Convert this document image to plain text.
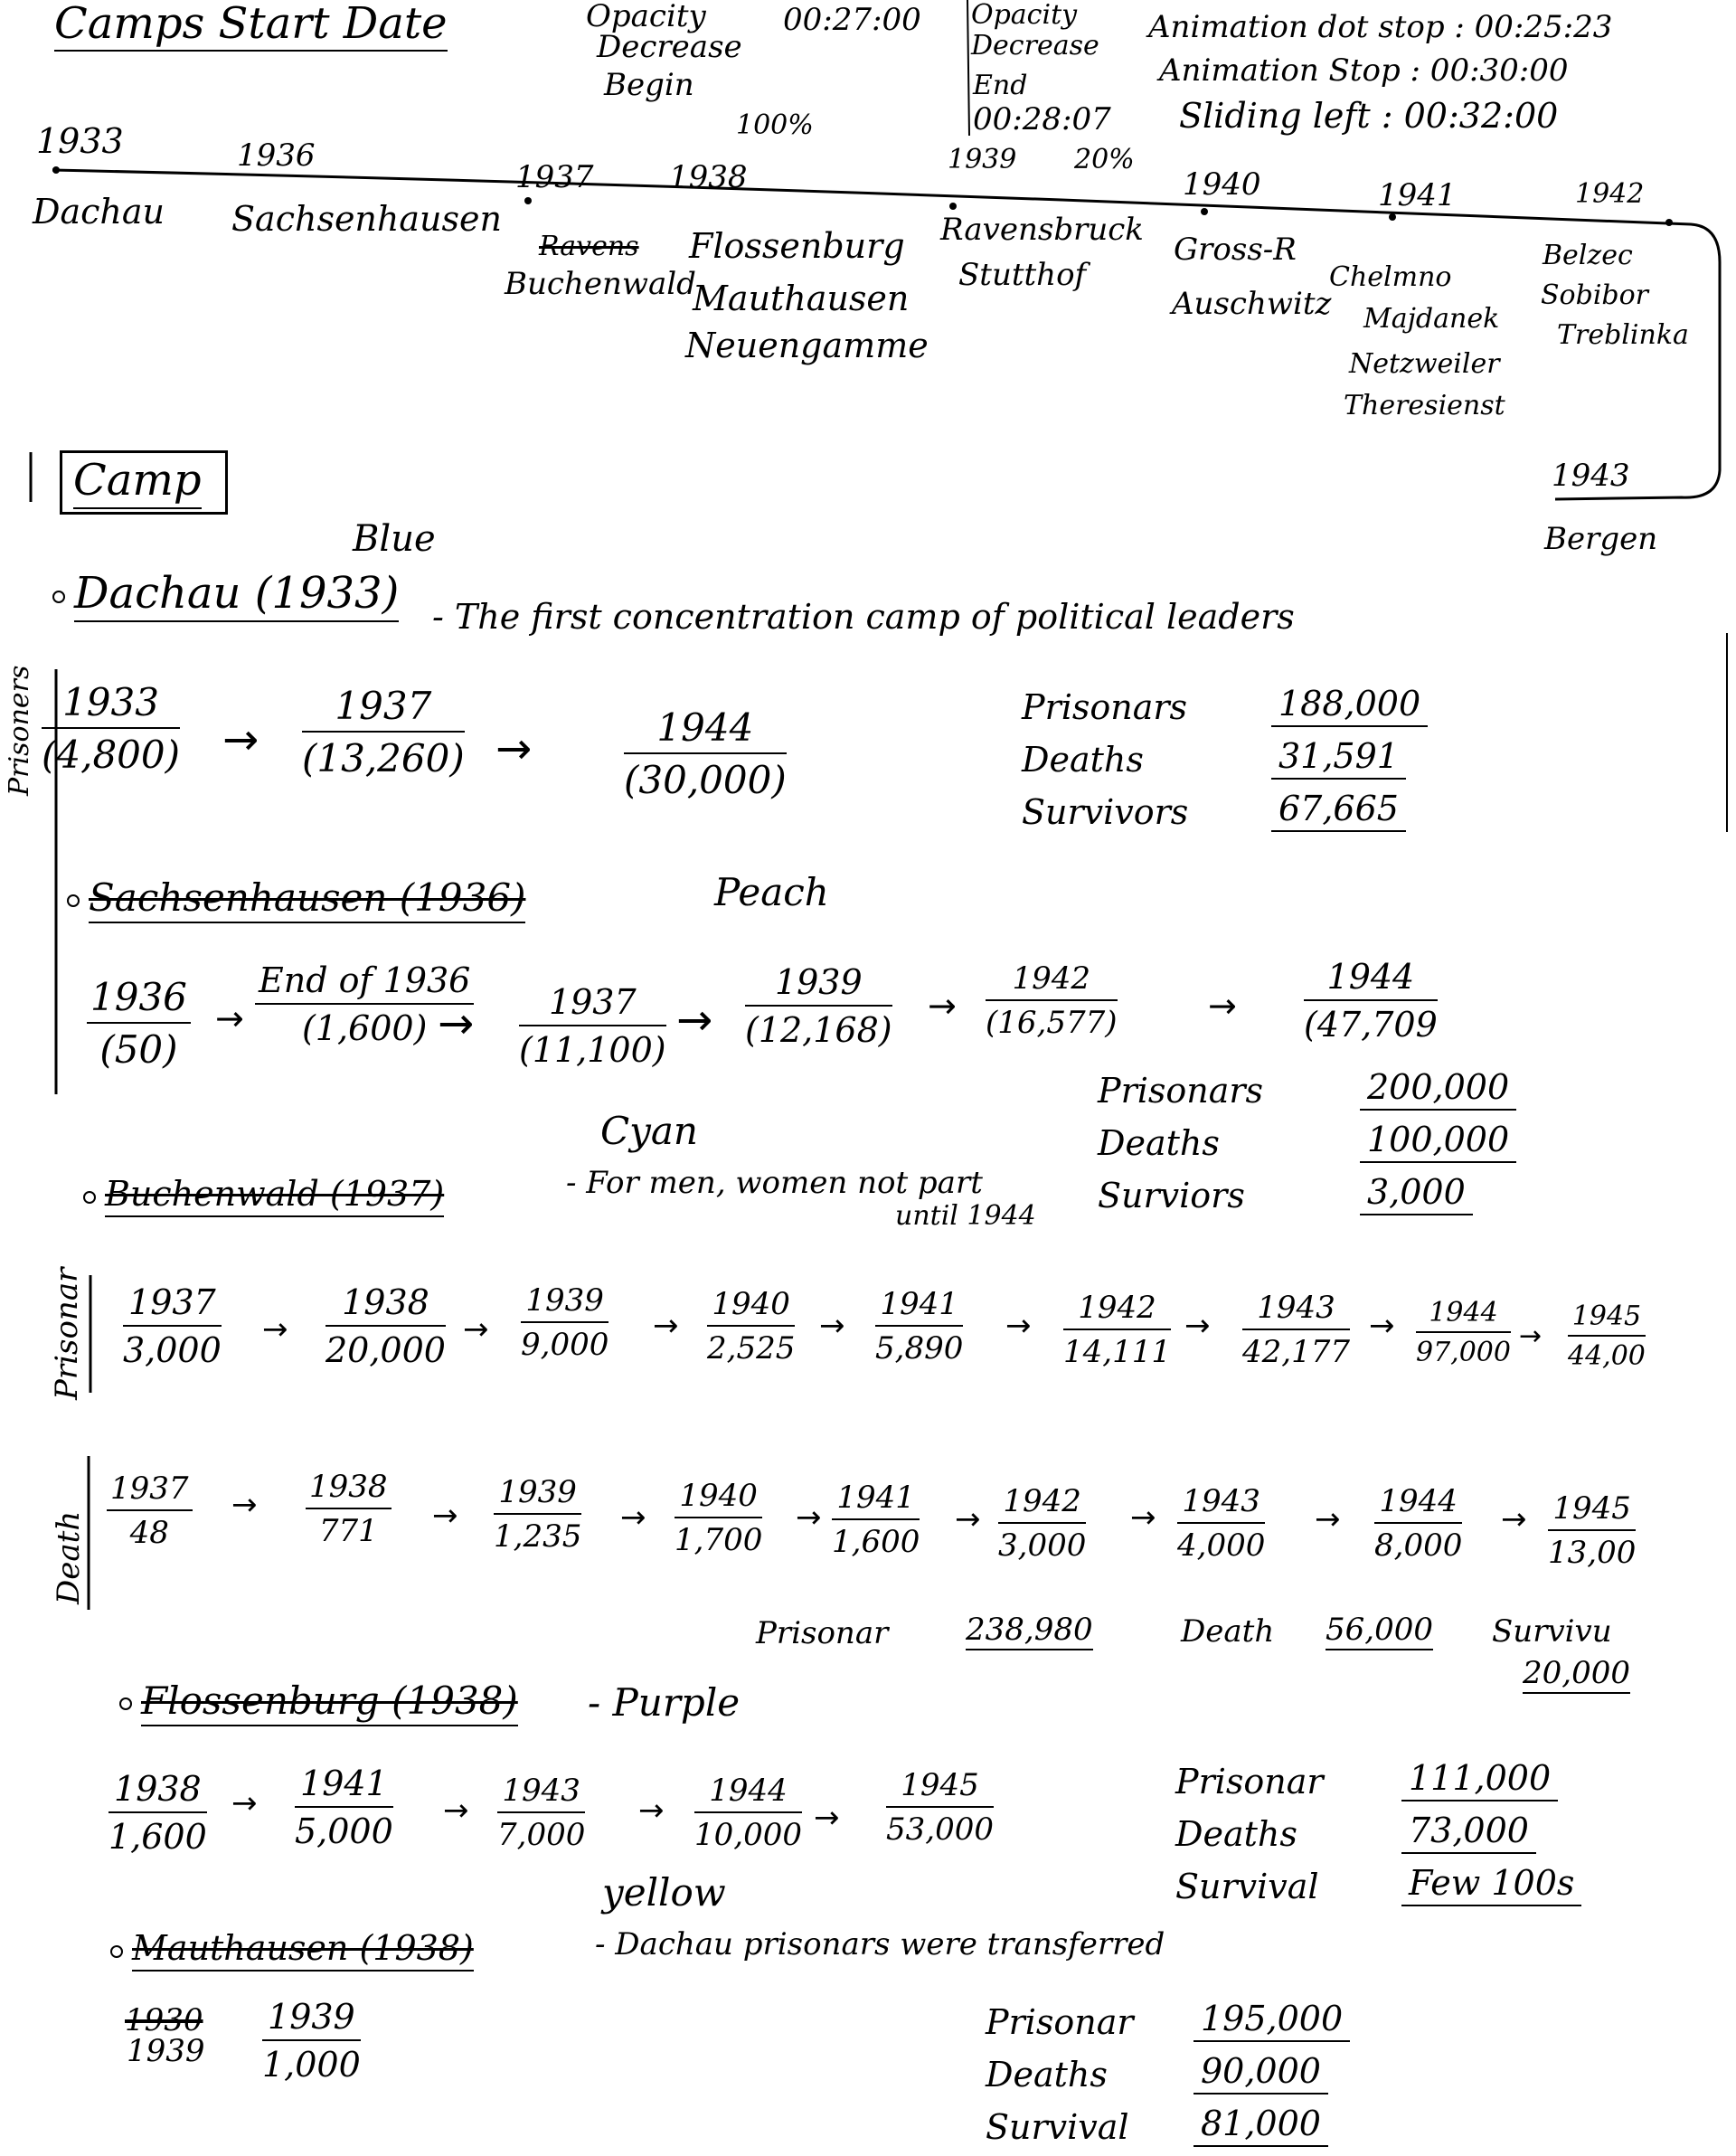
Camps Start Date	Opacity
Decrease
Begin
00:27:00
100%
Opacity
Decrease
End
00:28:07
20%
Animation dot stop : 00:25:23
Animation Stop : 00:30:00
Sliding left : 00:32:00
1933
Dachau
1936
Sachsenhausen
1937
Ravens
Buchenwald
1938
Flossenburg
Mauthausen
Neuengamme
1939
Ravensbruck
Stutthof
1940
Gross-R
Auschwitz
1941
Chelmno
Majdanek
Netzweiler
Theresienst
1942
Belzec
Sobibor
Treblinka
1943
Bergen
Camp
Blue
Dachau (1933) - The first concentration camp of political leaders
Prisoners $\frac{1933}{(4,800)} \to \frac{1937}{(13,260)} \to \frac{1944}{(30,000)}$	Prisonars	188,000
Deaths	31,591
Survivors	67,665
Sachsenhausen (1936)	Peach
$\frac{1936}{(50)}$ →
End of 1936
$(1,600) \to \frac{1937}{(11,100)} \to \frac{1939}{(12,168)} \to \frac{1942}{(16,577)}$	→ $\frac{1944}{(47,709}$
Prisonars	200,000
Deaths	100,000
Surviors	3,000
Cyan
Buchenwald (1937)	- For men, women not part
until 1944
Prisonar $\frac{1937}{3,000} \to \frac{1938}{20,000} \to \frac{1939}{9,000} \to \frac{1940}{2,525} \to \frac{1941}{5,890} \to \frac{1942}{14,111} \to \frac{1943}{42,177} \to \frac{1944}{97,000} \to \frac{1945}{44,00}$
Death
$\frac{1937}{48} \to \frac{1938}{771} \to \frac{1939}{1,235} \to \frac{1940}{1,700} \to \frac{1941}{1,600} \to \frac{1942}{3,000} \to \frac{1943}{4,000} \to \frac{1944}{8,000} \to \frac{1945}{13,00}$
Prisonar	238,980	Death 56,000 Survivu
20,000
Flossenburg (1938) - Purple
$\frac{1938}{1,600} \to \frac{1941}{5,000} \to \frac{1943}{7,000} \to \frac{1944}{10,000} \to \frac{1945}{53,000}$	Prisonar	111,000
Deaths	73,000
Survival	Few 100s
yellow
Mauthausen (1938)	- Dachau prisonars were transferred
1930
$1939 \frac{1939}{1,000}$	Prisonar	195,000
Deaths	90,000
Survival	81,000
